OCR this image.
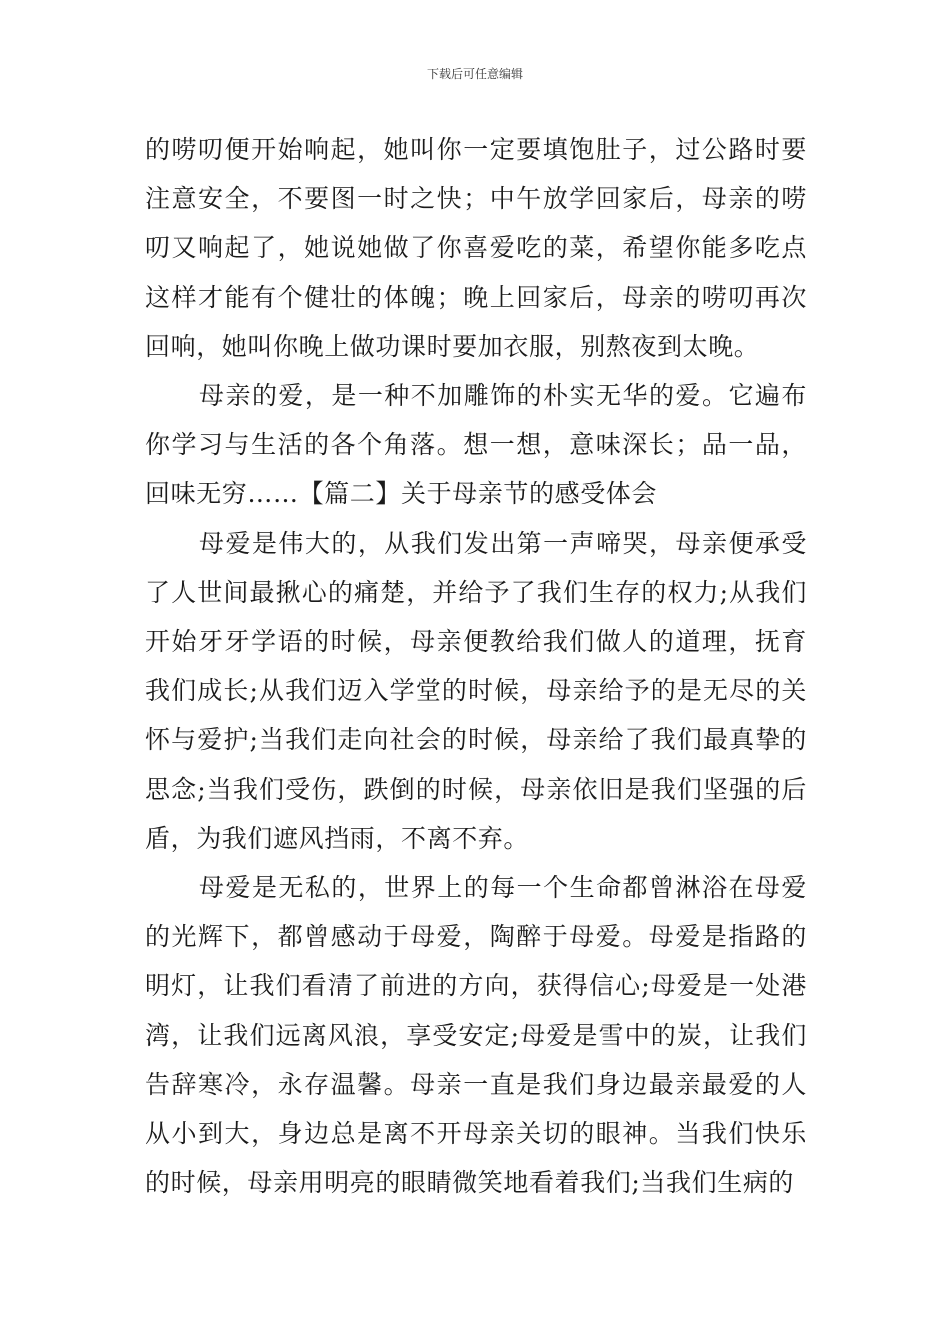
下载后可任意编辑

的唠叨便开始响起，她叫你一定要填饱肚子，过公路时要注意安全，不要图一时之快；中午放学回家后，母亲的唠叨又响起了，她说她做了你喜爱吃的菜，希望你能多吃点这样才能有个健壮的体魄；晚上回家后，母亲的唠叨再次回响，她叫你晚上做功课时要加衣服，别熬夜到太晚。

母亲的爱，是一种不加雕饰的朴实无华的爱。它遍布你学习与生活的各个角落。想一想，意味深长；品一品，回味无穷……【篇二】关于母亲节的感受体会

母爱是伟大的，从我们发出第一声啼哭，母亲便承受了人世间最揪心的痛楚，并给予了我们生存的权力;从我们开始牙牙学语的时候，母亲便教给我们做人的道理，抚育我们成长;从我们迈入学堂的时候，母亲给予的是无尽的关怀与爱护;当我们走向社会的时候，母亲给了我们最真挚的思念;当我们受伤，跌倒的时候，母亲依旧是我们坚强的后盾，为我们遮风挡雨，不离不弃。

母爱是无私的，世界上的每一个生命都曾淋浴在母爱的光辉下，都曾感动于母爱，陶醉于母爱。母爱是指路的明灯，让我们看清了前进的方向，获得信心;母爱是一处港湾，让我们远离风浪，享受安定;母爱是雪中的炭，让我们告辞寒冷，永存温馨。母亲一直是我们身边最亲最爱的人从小到大，身边总是离不开母亲关切的眼神。当我们快乐的时候，母亲用明亮的眼睛微笑地看着我们;当我们生病的
